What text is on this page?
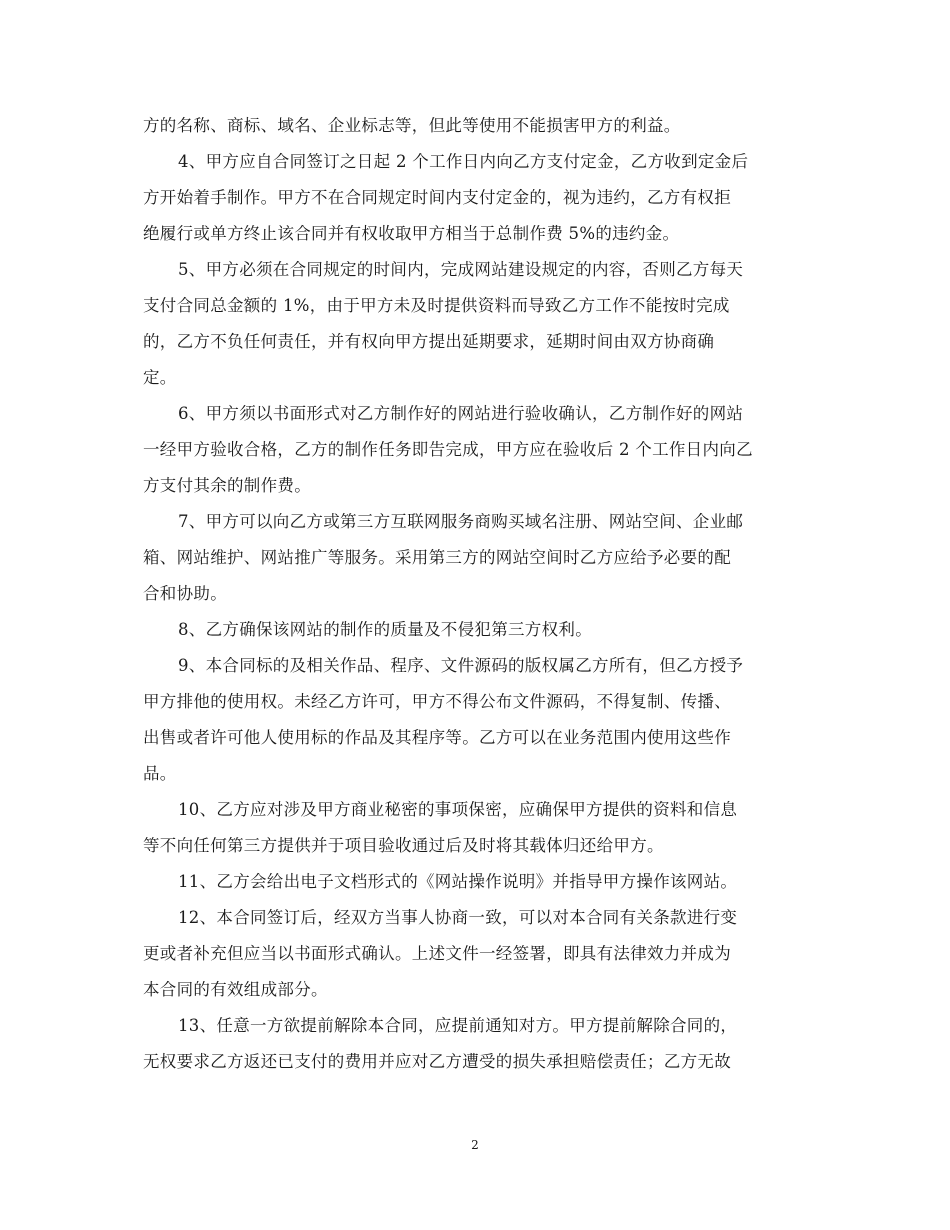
方的名称、商标、域名、企业标志等，但此等使用不能损害甲方的利益。
4、甲方应自合同签订之日起 2 个工作日内向乙方支付定金，乙方收到定金后
方开始着手制作。甲方不在合同规定时间内支付定金的，视为违约，乙方有权拒
绝履行或单方终止该合同并有权收取甲方相当于总制作费 5%的违约金。
5、甲方必须在合同规定的时间内，完成网站建设规定的内容，否则乙方每天
支付合同总金额的 1%，由于甲方未及时提供资料而导致乙方工作不能按时完成
的，乙方不负任何责任，并有权向甲方提出延期要求，延期时间由双方协商确
定。
6、甲方须以书面形式对乙方制作好的网站进行验收确认，乙方制作好的网站
一经甲方验收合格，乙方的制作任务即告完成，甲方应在验收后 2 个工作日内向乙
方支付其余的制作费。
7、甲方可以向乙方或第三方互联网服务商购买域名注册、网站空间、企业邮
箱、网站维护、网站推广等服务。采用第三方的网站空间时乙方应给予必要的配
合和协助。
8、乙方确保该网站的制作的质量及不侵犯第三方权利。
9、本合同标的及相关作品、程序、文件源码的版权属乙方所有，但乙方授予
甲方排他的使用权。未经乙方许可，甲方不得公布文件源码，不得复制、传播、
出售或者许可他人使用标的作品及其程序等。乙方可以在业务范围内使用这些作
品。
10、乙方应对涉及甲方商业秘密的事项保密，应确保甲方提供的资料和信息
等不向任何第三方提供并于项目验收通过后及时将其载体归还给甲方。
11、乙方会给出电子文档形式的《网站操作说明》并指导甲方操作该网站。
12、本合同签订后，经双方当事人协商一致，可以对本合同有关条款进行变
更或者补充但应当以书面形式确认。上述文件一经签署，即具有法律效力并成为
本合同的有效组成部分。
13、任意一方欲提前解除本合同，应提前通知对方。甲方提前解除合同的，
无权要求乙方返还已支付的费用并应对乙方遭受的损失承担赔偿责任；乙方无故
2
